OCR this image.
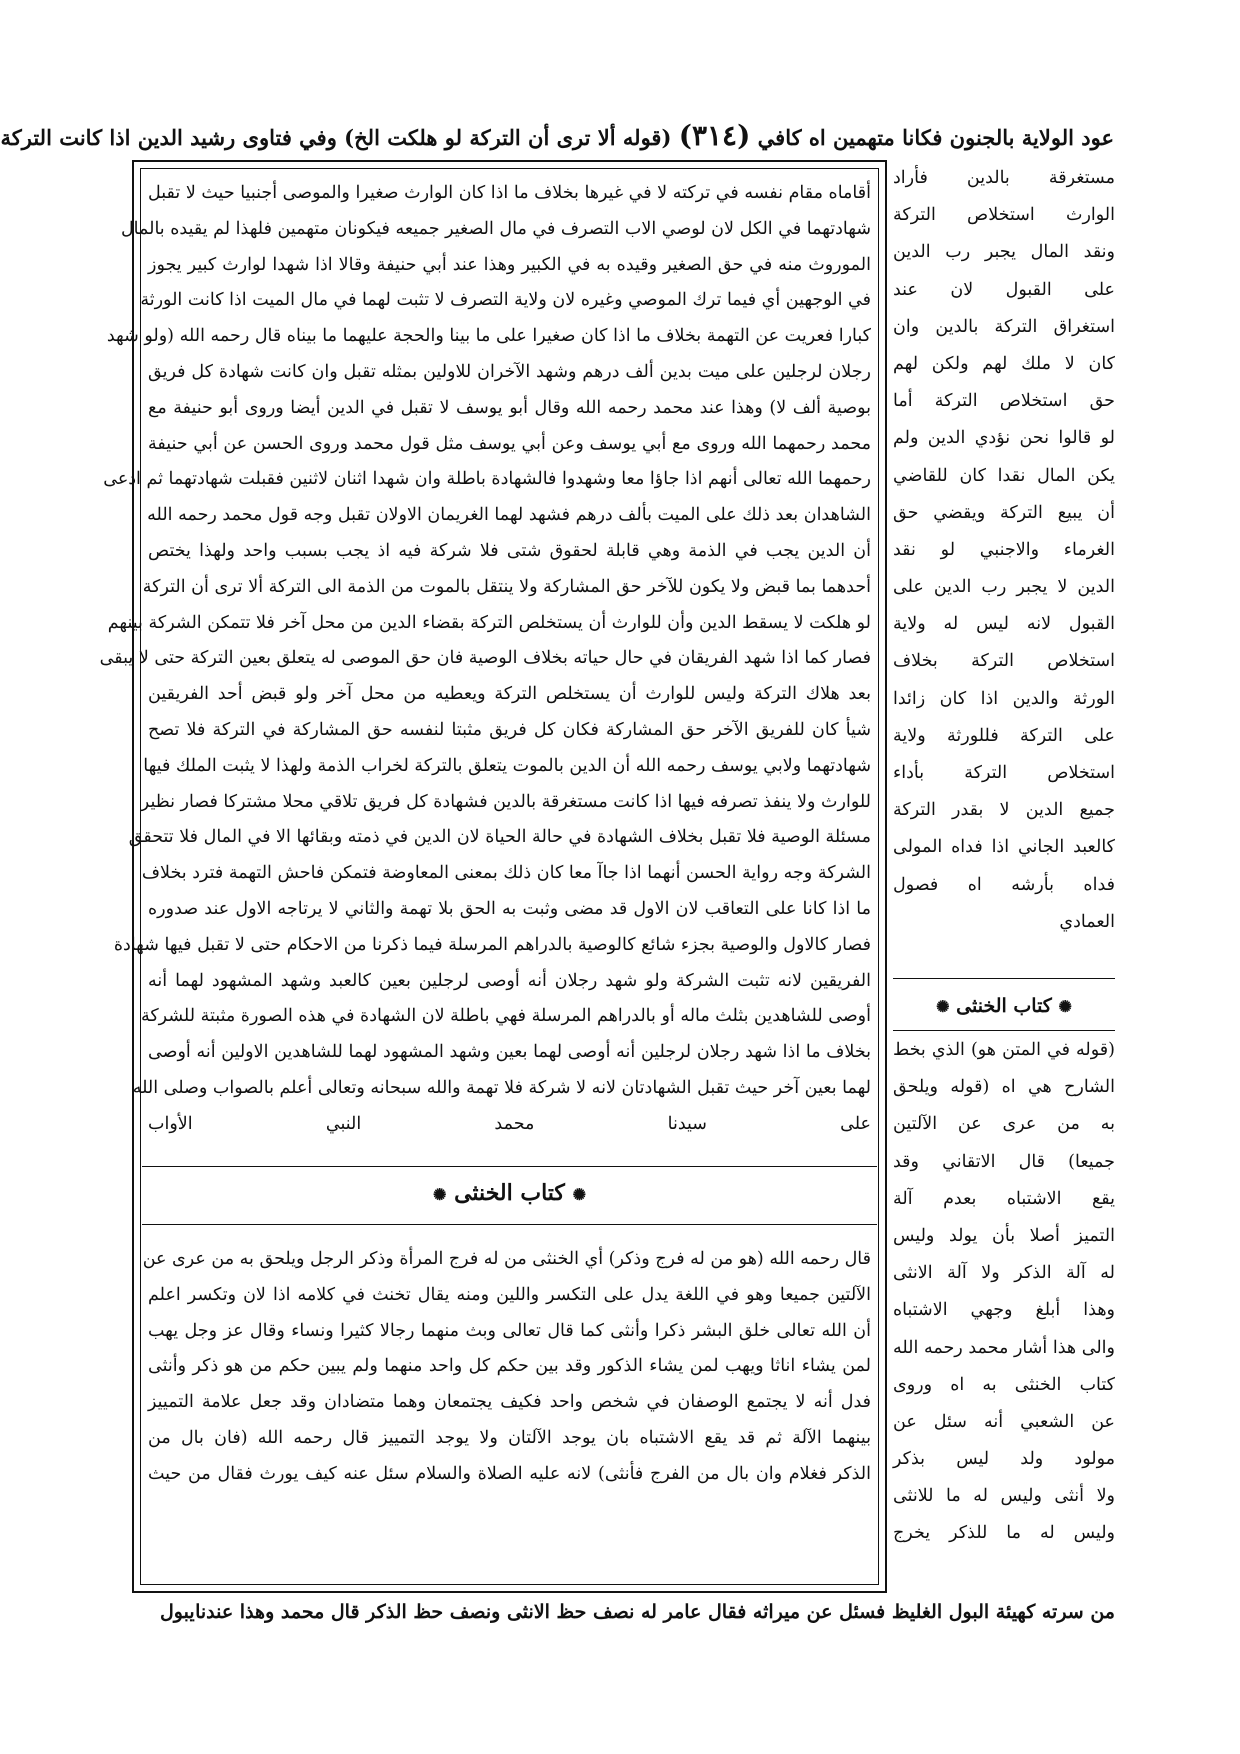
عود الولاية بالجنون فكانا متهمين اه كافي (٣١٤) (قوله ألا ترى أن التركة لو هلكت الخ) وفي فتاوى رشيد الدين اذا كانت التركة

أقاماه مقام نفسه في تركته لا في غيرها بخلاف ما اذا كان الوارث صغيرا والموصى أجنبيا حيث لا تقبل

شهادتهما في الكل لان لوصي الاب التصرف في مال الصغير جميعه فيكونان متهمين فلهذا لم يقيده بالمال

الموروث منه في حق الصغير وقيده به في الكبير وهذا عند أبي حنيفة وقالا اذا شهدا لوارث كبير يجوز

في الوجهين أي فيما ترك الموصي وغيره لان ولاية التصرف لا تثبت لهما في مال الميت اذا كانت الورثة

كبارا فعريت عن التهمة بخلاف ما اذا كان صغيرا على ما بينا والحجة عليهما ما بيناه قال رحمه الله (ولو شهد

رجلان لرجلين على ميت بدين ألف درهم وشهد الآخران للاولين بمثله تقبل وان كانت شهادة كل فريق

بوصية ألف لا) وهذا عند محمد رحمه الله وقال أبو يوسف لا تقبل في الدين أيضا وروى أبو حنيفة مع

محمد رحمهما الله وروى مع أبي يوسف وعن أبي يوسف مثل قول محمد وروى الحسن عن أبي حنيفة

رحمهما الله تعالى أنهم اذا جاؤا معا وشهدوا فالشهادة باطلة وان شهدا اثنان لاثنين فقبلت شهادتهما ثم ادعى

الشاهدان بعد ذلك على الميت بألف درهم فشهد لهما الغريمان الاولان تقبل وجه قول محمد رحمه الله

أن الدين يجب في الذمة وهي قابلة لحقوق شتى فلا شركة فيه اذ يجب بسبب واحد ولهذا يختص

أحدهما بما قبض ولا يكون للآخر حق المشاركة ولا ينتقل بالموت من الذمة الى التركة ألا ترى أن التركة

لو هلكت لا يسقط الدين وأن للوارث أن يستخلص التركة بقضاء الدين من محل آخر فلا تتمكن الشركة بينهم

فصار كما اذا شهد الفريقان في حال حياته بخلاف الوصية فان حق الموصى له يتعلق بعين التركة حتى لا يبقى

بعد هلاك التركة وليس للوارث أن يستخلص التركة ويعطيه من محل آخر ولو قبض أحد الفريقين

شيأ كان للفريق الآخر حق المشاركة فكان كل فريق مثبتا لنفسه حق المشاركة في التركة فلا تصح

شهادتهما ولابي يوسف رحمه الله أن الدين بالموت يتعلق بالتركة لخراب الذمة ولهذا لا يثبت الملك فيها

للوارث ولا ينفذ تصرفه فيها اذا كانت مستغرقة بالدين فشهادة كل فريق تلاقي محلا مشتركا فصار نظير

مسئلة الوصية فلا تقبل بخلاف الشهادة في حالة الحياة لان الدين في ذمته وبقائها الا في المال فلا تتحقق

الشركة وجه رواية الحسن أنهما اذا جاآ معا كان ذلك بمعنى المعاوضة فتمكن فاحش التهمة فترد بخلاف

ما اذا كانا على التعاقب لان الاول قد مضى وثبت به الحق بلا تهمة والثاني لا يرتاجه الاول عند صدوره

فصار كالاول والوصية بجزء شائع كالوصية بالدراهم المرسلة فيما ذكرنا من الاحكام حتى لا تقبل فيها شهادة

الفريقين لانه تثبت الشركة ولو شهد رجلان أنه أوصى لرجلين بعين كالعبد وشهد المشهود لهما أنه

أوصى للشاهدين بثلث ماله أو بالدراهم المرسلة فهي باطلة لان الشهادة في هذه الصورة مثبتة للشركة

بخلاف ما اذا شهد رجلان لرجلين أنه أوصى لهما بعين وشهد المشهود لهما للشاهدين الاولين أنه أوصى

لهما بعين آخر حيث تقبل الشهادتان لانه لا شركة فلا تهمة والله سبحانه وتعالى أعلم بالصواب وصلى الله

على سيدنا محمد النبي الأواب

✺ كتاب الخنثى ✺

قال رحمه الله (هو من له فرج وذكر) أي الخنثى من له فرج المرأة وذكر الرجل ويلحق به من عرى عن

الآلتين جميعا وهو في اللغة يدل على التكسر واللين ومنه يقال تخنث في كلامه اذا لان وتكسر اعلم

أن الله تعالى خلق البشر ذكرا وأنثى كما قال تعالى وبث منهما رجالا كثيرا ونساء وقال عز وجل يهب

لمن يشاء اناثا ويهب لمن يشاء الذكور وقد بين حكم كل واحد منهما ولم يبين حكم من هو ذكر وأنثى

فدل أنه لا يجتمع الوصفان في شخص واحد فكيف يجتمعان وهما متضادان وقد جعل علامة التمييز

بينهما الآلة ثم قد يقع الاشتباه بان يوجد الآلتان ولا يوجد التمييز قال رحمه الله (فان بال من

الذكر فغلام وان بال من الفرج فأنثى) لانه عليه الصلاة والسلام سئل عنه كيف يورث فقال من حيث

مستغرقة بالدين فأراد

الوارث استخلاص التركة

ونقد المال يجبر رب الدين

على القبول لان عند

استغراق التركة بالدين وان

كان لا ملك لهم ولكن لهم

حق استخلاص التركة أما

لو قالوا نحن نؤدي الدين ولم

يكن المال نقدا كان للقاضي

أن يبيع التركة ويقضي حق

الغرماء والاجنبي لو نقد

الدين لا يجبر رب الدين على

القبول لانه ليس له ولاية

استخلاص التركة بخلاف

الورثة والدين اذا كان زائدا

على التركة فللورثة ولاية

استخلاص التركة بأداء

جميع الدين لا بقدر التركة

كالعبد الجاني اذا فداه المولى

فداه بأرشه اه فصول

العمادي

✺ كتاب الخنثى ✺

(قوله في المتن هو) الذي بخط

الشارح هي اه (قوله ويلحق

به من عرى عن الآلتين

جميعا) قال الاتقاني وقد

يقع الاشتباه بعدم آلة

التميز أصلا بأن يولد وليس

له آلة الذكر ولا آلة الانثى

وهذا أبلغ وجهي الاشتباه

والى هذا أشار محمد رحمه الله

كتاب الخنثى به اه وروى

عن الشعبي أنه سئل عن

مولود ولد ليس بذكر

ولا أنثى وليس له ما للانثى

وليس له ما للذكر يخرج

يبول من سرته كهيئة البول الغليظ فسئل عن ميراثه فقال عامر له نصف حظ الانثى ونصف حظ الذكر قال محمد وهذا عندنا
